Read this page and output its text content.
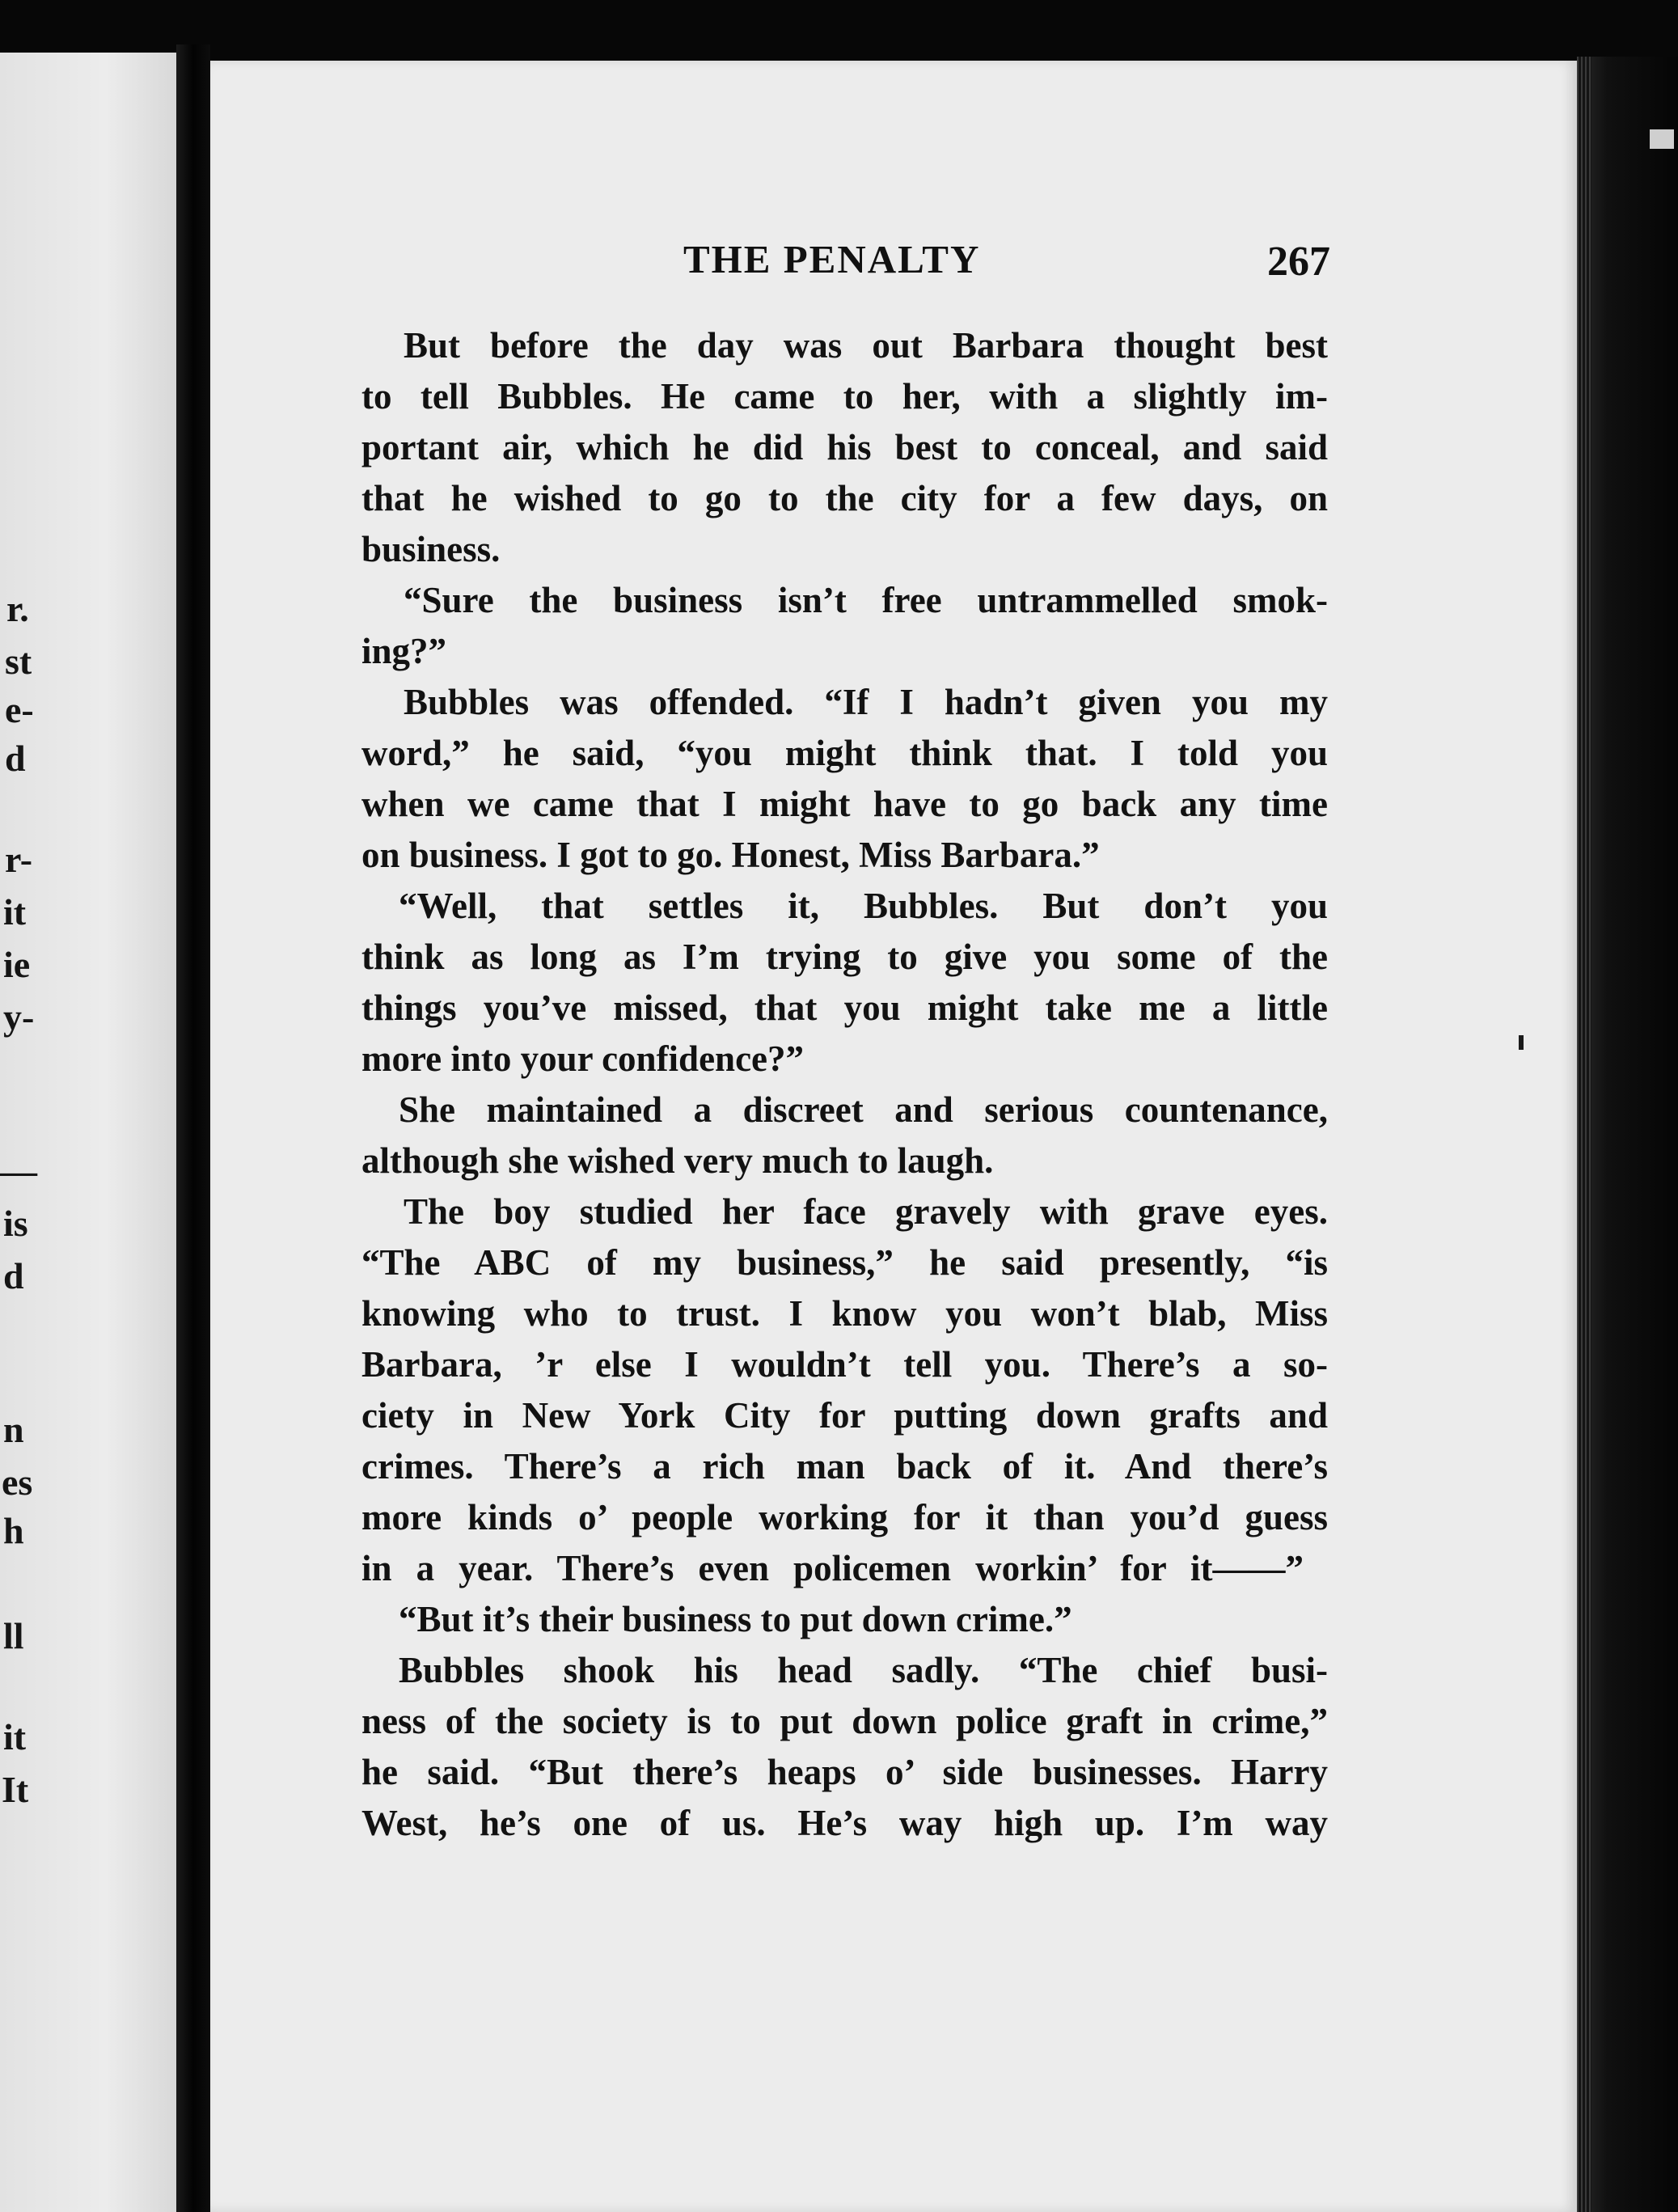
r.
st
e-
d
r-
it
ie
y-
—
is
d
n
es
h
ll
it
It
THE PENALTY	267
But before the day was out Barbara thought best
to tell Bubbles. He came to her, with a slightly im-
portant air, which he did his best to conceal, and said
that he wished to go to the city for a few days, on
business.
“Sure the business isn’t free untrammelled smok-
ing?”
Bubbles was offended. “If I hadn’t given you my
word,” he said, “you might think that. I told you
when we came that I might have to go back any time
on business. I got to go. Honest, Miss Barbara.”
“Well, that settles it, Bubbles. But don’t you
think as long as I’m trying to give you some of the
things you’ve missed, that you might take me a little
more into your confidence?”
She maintained a discreet and serious countenance,
although she wished very much to laugh.
The boy studied her face gravely with grave eyes.
“The ABC of my business,” he said presently, “is
knowing who to trust. I know you won’t blab, Miss
Barbara, ’r else I wouldn’t tell you. There’s a so-
ciety in New York City for putting down grafts and
crimes. There’s a rich man back of it. And there’s
more kinds o’ people working for it than you’d guess
in a year. There’s even policemen workin’ for it——”
“But it’s their business to put down crime.”
Bubbles shook his head sadly. “The chief busi-
ness of the society is to put down police graft in crime,”
he said. “But there’s heaps o’ side businesses. Harry
West, he’s one of us. He’s way high up. I’m way
